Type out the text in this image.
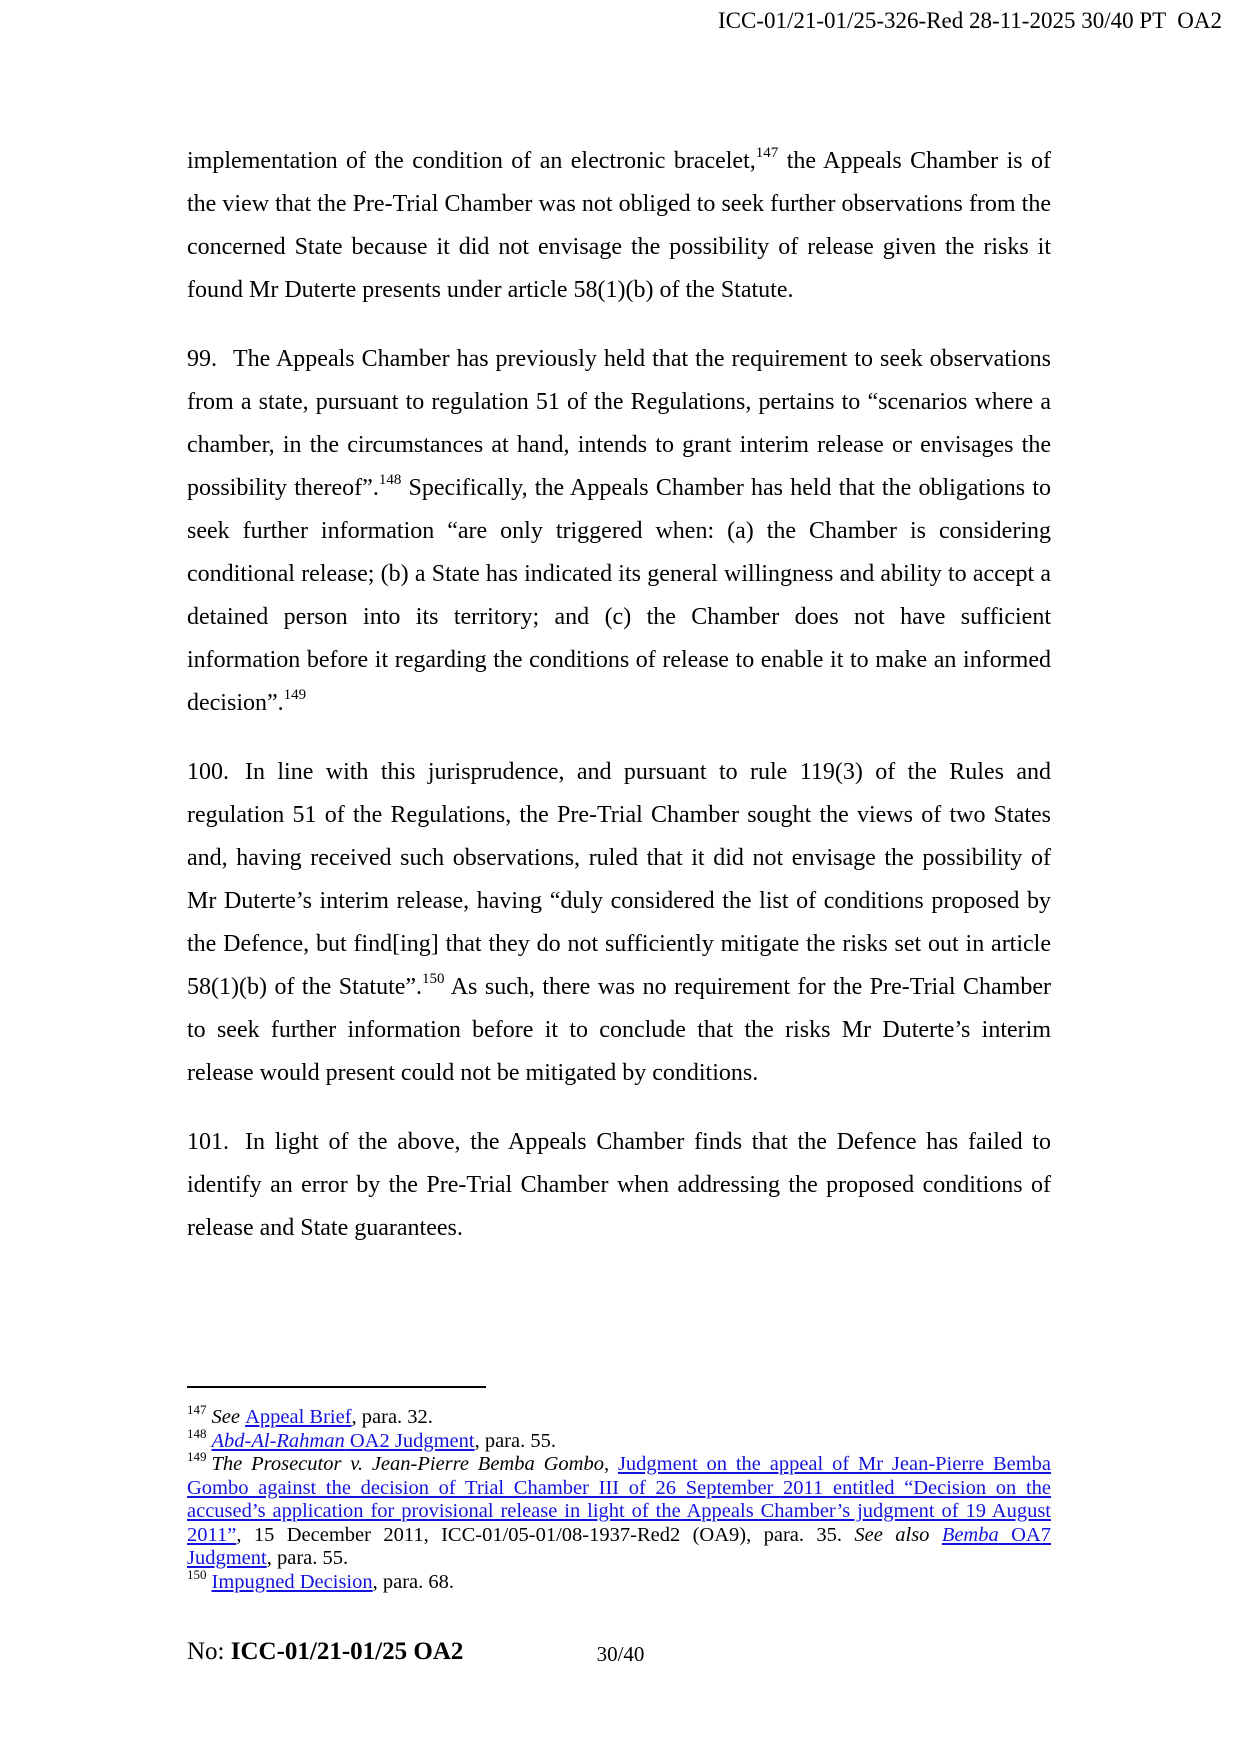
ICC-01/21-01/25-326-Red 28-11-2025 30/40 PT  OA2

implementation of the condition of an electronic bracelet,$^{147}$ the Appeals Chamber is of the view that the Pre-Trial Chamber was not obliged to seek further observations from the concerned State because it did not envisage the possibility of release given the risks it found Mr Duterte presents under article 58(1)(b) of the Statute.

99. The Appeals Chamber has previously held that the requirement to seek observations from a state, pursuant to regulation 51 of the Regulations, pertains to “scenarios where a chamber, in the circumstances at hand, intends to grant interim release or envisages the possibility thereof”.$^{148}$ Specifically, the Appeals Chamber has held that the obligations to seek further information “are only triggered when: (a) the Chamber is considering conditional release; (b) a State has indicated its general willingness and ability to accept a detained person into its territory; and (c) the Chamber does not have sufficient information before it regarding the conditions of release to enable it to make an informed decision”.$^{149}$

100. In line with this jurisprudence, and pursuant to rule 119(3) of the Rules and regulation 51 of the Regulations, the Pre-Trial Chamber sought the views of two States and, having received such observations, ruled that it did not envisage the possibility of Mr Duterte’s interim release, having “duly considered the list of conditions proposed by the Defence, but find[ing] that they do not sufficiently mitigate the risks set out in article 58(1)(b) of the Statute”.$^{150}$ As such, there was no requirement for the Pre-Trial Chamber to seek further information before it to conclude that the risks Mr Duterte’s interim release would present could not be mitigated by conditions.

101. In light of the above, the Appeals Chamber finds that the Defence has failed to identify an error by the Pre-Trial Chamber when addressing the proposed conditions of release and State guarantees.

$^{147}$ See Appeal Brief, para. 32.
$^{148}$ Abd-Al-Rahman OA2 Judgment, para. 55.
$^{149}$ The Prosecutor v. Jean-Pierre Bemba Gombo, Judgment on the appeal of Mr Jean-Pierre Bemba Gombo against the decision of Trial Chamber III of 26 September 2011 entitled “Decision on the accused’s application for provisional release in light of the Appeals Chamber’s judgment of 19 August 2011”, 15 December 2011, ICC-01/05-01/08-1937-Red2 (OA9), para. 35. See also Bemba OA7 Judgment, para. 55.
$^{150}$ Impugned Decision, para. 68.
No: ICC-01/21-01/25 OA2	30/40
